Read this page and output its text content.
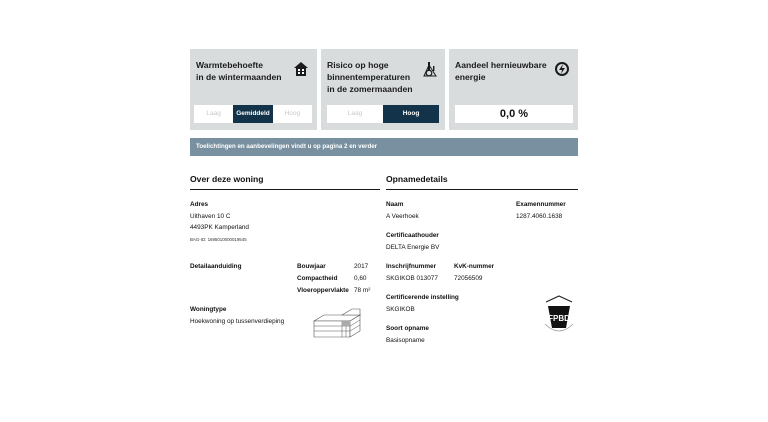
Warmtebehoefte
in de wintermaanden
Laag	Gemiddeld	Hoog
Risico op hoge
binnentemperaturen
in de zomermaanden
Laag	Hoog
Aandeel hernieuwbare
energie
0,0 %
Toelichtingen en aanbevelingen vindt u op pagina 2 en verder
Over deze woning
Adres
Uithaven 10 C
4493PK Kamperland
BAG-ID: 1695010000019545
Detailaanduiding	Bouwjaar	2017
Compactheid	0,60
Vloeroppervlakte 78 m²
Woningtype
Hoekwoning op tussenverdieping
Opnamedetails
Naam
A Veerhoek
Examennummer
1287.4060.1638
Certificaathouder
DELTA Energie BV
Inschrijfnummer
SKGIKOB 013077
KvK-nummer
72056509
Certificerende instelling
SKGIKOB
Soort opname
Basisopname
FPBD
